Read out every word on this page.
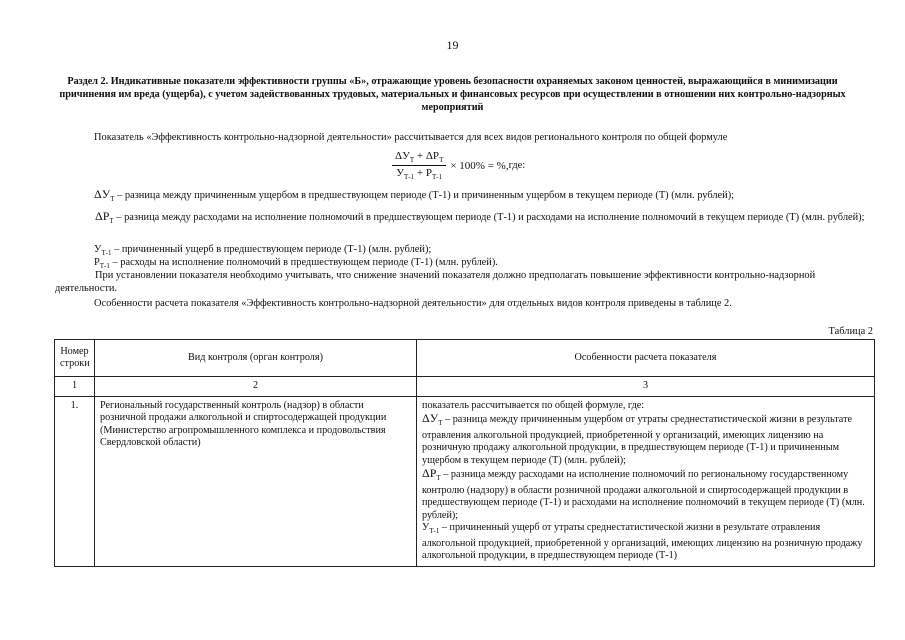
19
Раздел 2. Индикативные показатели эффективности группы «Б», отражающие уровень безопасности охраняемых законом ценностей, выражающийся в минимизации причинения им вреда (ущерба), с учетом задействованных трудовых, материальных и финансовых ресурсов при осуществлении в отношении них контрольно-надзорных мероприятий
Показатель «Эффективность контрольно-надзорной деятельности» рассчитывается для всех видов регионального контроля по общей формуле
$\frac{\Delta У_Т + \Delta Р_Т}{У_{Т-1} + Р_{Т-1}} \times 100\%$ = %, где:
$\Delta У_Т$ – разница между причиненным ущербом в предшествующем периоде (Т-1) и причиненным ущербом в текущем периоде (Т) (млн. рублей);
$\Delta Р_Т$ – разница между расходами на исполнение полномочий в предшествующем периоде (Т-1) и расходами на исполнение полномочий в текущем периоде (Т) (млн. рублей);
$У_{Т-1}$ – причиненный ущерб в предшествующем периоде (Т-1) (млн. рублей);
$Р_{Т-1}$ – расходы на исполнение полномочий в предшествующем периоде (Т-1) (млн. рублей).
При установлении показателя необходимо учитывать, что снижение значений показателя должно предполагать повышение эффективности контрольно-надзорной деятельности.
Особенности расчета показателя «Эффективность контрольно-надзорной деятельности» для отдельных видов контроля приведены в таблице 2.
Таблица 2
Номер строки	Вид контроля (орган контроля)	Особенности расчета показателя
1	2	3
1.	Региональный государственный контроль (надзор) в области розничной продажи алкогольной и спиртосодержащей продукции (Министерство агропромышленного комплекса и продовольствия Свердловской области)	показатель рассчитывается по общей формуле, где:

$\Delta У_Т$ – разница между причиненным ущербом от утраты среднестатистической жизни в результате отравления алкогольной продукцией, приобретенной у организаций, имеющих лицензию на розничную продажу алкогольной продукции, в предшествующем периоде (Т-1) и причиненным ущербом в текущем периоде (Т) (млн. рублей);

$\Delta Р_Т$ – разница между расходами на исполнение полномочий по региональному государственному контролю (надзору) в области розничной продажи алкогольной и спиртосодержащей продукции в предшествующем периоде (Т-1) и расходами на исполнение полномочий в текущем периоде (Т) (млн. рублей);

$У_{Т-1}$ – причиненный ущерб от утраты среднестатистической жизни в результате отравления алкогольной продукцией, приобретенной у организаций, имеющих лицензию на розничную продажу алкогольной продукции, в предшествующем периоде (Т-1)
